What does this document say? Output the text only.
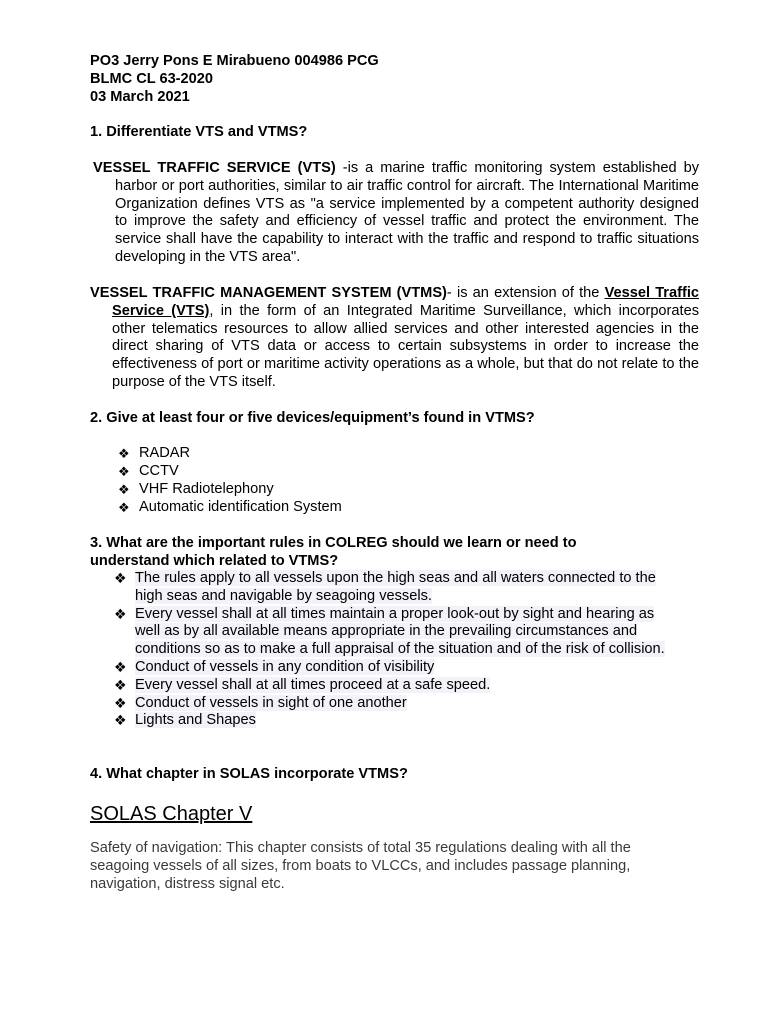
PO3 Jerry Pons E Mirabueno 004986 PCG
BLMC CL 63-2020
03 March 2021
1. Differentiate VTS and VTMS?
VESSEL TRAFFIC SERVICE (VTS) -is a marine traffic monitoring system established by harbor or port authorities, similar to air traffic control for aircraft. The International Maritime Organization defines VTS as "a service implemented by a competent authority designed to improve the safety and efficiency of vessel traffic and protect the environment. The service shall have the capability to interact with the traffic and respond to traffic situations developing in the VTS area".
VESSEL TRAFFIC MANAGEMENT SYSTEM (VTMS)- is an extension of the Vessel Traffic Service (VTS), in the form of an Integrated Maritime Surveillance, which incorporates other telematics resources to allow allied services and other interested agencies in the direct sharing of VTS data or access to certain subsystems in order to increase the effectiveness of port or maritime activity operations as a whole, but that do not relate to the purpose of the VTS itself.
2. Give at least four or five devices/equipment’s found in VTMS?
❖ RADAR
❖ CCTV
❖ VHF Radiotelephony
❖ Automatic identification System
3. What are the important rules in COLREG should we learn or need to
understand which related to VTMS?
❖ The rules apply to all vessels upon the high seas and all waters connected to the high seas and navigable by seagoing vessels.
❖ Every vessel shall at all times maintain a proper look-out by sight and hearing as well as by all available means appropriate in the prevailing circumstances and conditions so as to make a full appraisal of the situation and of the risk of collision.
❖ Conduct of vessels in any condition of visibility
❖ Every vessel shall at all times proceed at a safe speed.
❖ Conduct of vessels in sight of one another
❖ Lights and Shapes
4. What chapter in SOLAS incorporate VTMS?
SOLAS Chapter V
Safety of navigation: This chapter consists of total 35 regulations dealing with all the seagoing vessels of all sizes, from boats to VLCCs, and includes passage planning, navigation, distress signal etc.
